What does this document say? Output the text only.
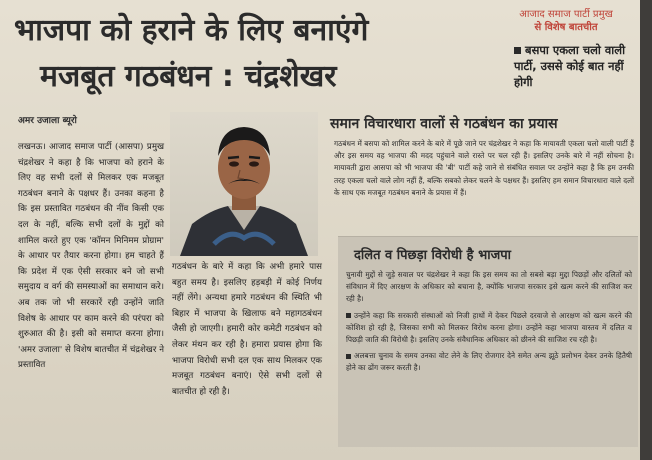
भाजपा को हराने के लिए बनाएंगे
मजबूत गठबंधन : चंद्रशेखर
आजाद समाज पार्टी प्रमुख
से विशेष बातचीत
बसपा एकला चलो वाली पार्टी, उससे कोई बात नहीं होगी
अमर उजाला ब्यूरो

लखनऊ। आजाद समाज पार्टी (आसपा) प्रमुख चंद्रशेखर ने कहा है कि भाजपा को हराने के लिए वह सभी दलों से मिलकर एक मजबूत गठबंधन बनाने के पक्षधर हैं। उनका कहना है कि इस प्रस्तावित गठबंधन की नींव किसी एक दल के नहीं, बल्कि सभी दलों के मुद्दों को शामिल करते हुए एक 'कॉमन मिनिमम प्रोग्राम' के आधार पर तैयार करना होगा। हम चाहते हैं कि प्रदेश में एक ऐसी सरकार बने जो सभी समुदाय व वर्ग की समस्याओं का समाधान करे। अब तक जो भी सरकारें रही उन्होंने जाति विशेष के आधार पर काम करने की परंपरा को शुरुआत की है। इसी को समाप्त करना होगा। 'अमर उजाला' से विशेष बातचीत में चंद्रशेखर ने प्रस्तावित

गठबंधन के बारे में कहा कि अभी हमारे पास बहुत समय है। इसलिए हड़बड़ी में कोई निर्णय नहीं लेंगे। अन्यथा हमारे गठबंधन की स्थिति भी बिहार में भाजपा के खिलाफ बने महागठबंधन जैसी हो जाएगी। हमारी कोर कमेटी गठबंधन को लेकर मंथन कर रही है। हमारा प्रयास होगा कि भाजपा विरोधी सभी दल एक साथ मिलकर एक मजबूत गठबंधन बनाएं। ऐसे सभी दलों से बातचीत हो रही है।

समान विचारधारा वालों से गठबंधन का प्रयास

गठबंधन में बसपा को शामिल करने के बारे में पूछे जाने पर चंद्रशेखर ने कहा कि मायावती एकला चलो वाली पार्टी हैं और इस समय वह भाजपा की मदद पहुंचाने वाले रास्ते पर चल रही हैं। इसलिए उनके बारे में नहीं सोचना है। मायावती द्वारा आसपा को भी भाजपा की 'बी' पार्टी कहे जाने से संबंधित सवाल पर उन्होंने कहा है कि हम उनकी तरह एकला चलो वाले लोग नहीं हैं, बल्कि सबको लेकर चलने के पक्षधर हैं। इसलिए हम समान विचारधारा वाले दलों के साथ एक मजबूत गठबंधन बनाने के प्रयास में हैं।

दलित व पिछड़ा विरोधी है भाजपा

चुनावी मुद्दों से जुड़े सवाल पर चंद्रशेखर ने कहा कि इस समय का तो सबसे बड़ा मुद्दा पिछड़ों और दलितों को संविधान में दिए आरक्षण के अधिकार को बचाना है, क्योंकि भाजपा सरकार इसे खत्म करने की साजिश कर रही है।

उन्होंने कहा कि सरकारी संस्थाओं को निजी हाथों में देकर पिछले दरवाजे से आरक्षण को खत्म करने की कोशिश हो रही है, जिसका सभी को मिलकर विरोध करना होगा। उन्होंने कहा भाजपा वास्तव में दलित व पिछड़ी जाति की विरोधी है। इसलिए उनके संवैधानिक अधिकार को छीनने की साजिश रच रही है।

अलबत्ता चुनाव के समय उनका वोट लेने के लिए रोजगार देने समेत अन्य झूठे प्रलोभन देकर उनके हितैषी होने का ढोंग जरूर करती है।
